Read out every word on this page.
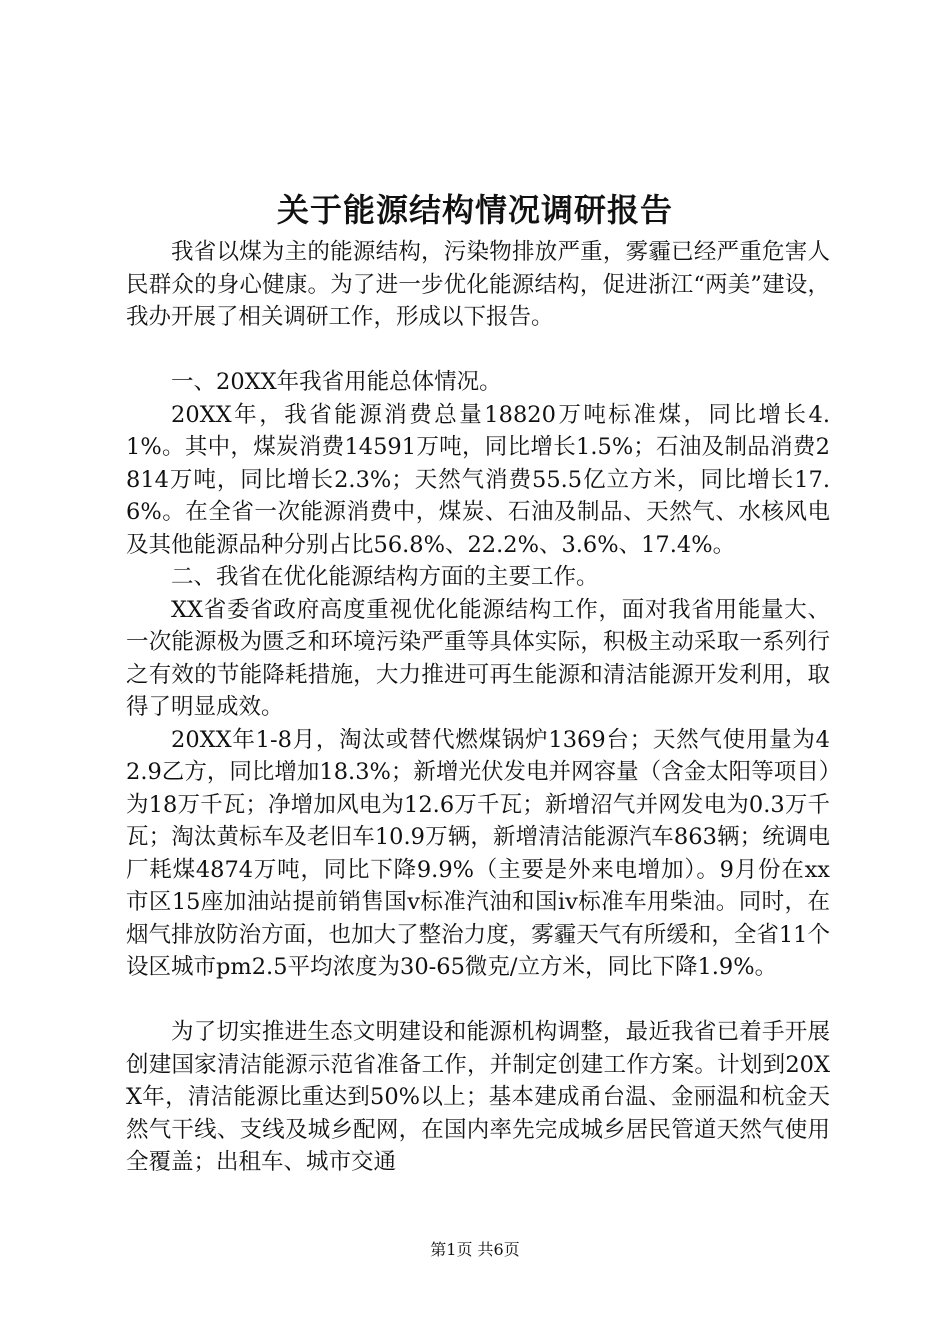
关于能源结构情况调研报告

我省以煤为主的能源结构，污染物排放严重，雾霾已经严重危害人民群众的身心健康。为了进一步优化能源结构，促进浙江“两美”建设，我办开展了相关调研工作，形成以下报告。

一、20XX年我省用能总体情况。

20XX年，我省能源消费总量18820万吨标准煤，同比增长4.1%。其中，煤炭消费14591万吨，同比增长1.5%；石油及制品消费2814万吨，同比增长2.3%；天然气消费55.5亿立方米，同比增长17.6%。在全省一次能源消费中，煤炭、石油及制品、天然气、水核风电及其他能源品种分别占比56.8%、22.2%、3.6%、17.4%。

二、我省在优化能源结构方面的主要工作。

XX省委省政府高度重视优化能源结构工作，面对我省用能量大、一次能源极为匮乏和环境污染严重等具体实际，积极主动采取一系列行之有效的节能降耗措施，大力推进可再生能源和清洁能源开发利用，取得了明显成效。

20XX年1-8月，淘汰或替代燃煤锅炉1369台；天然气使用量为42.9乙方，同比增加18.3%；新增光伏发电并网容量（含金太阳等项目）为18万千瓦；净增加风电为12.6万千瓦；新增沼气并网发电为0.3万千瓦；淘汰黄标车及老旧车10.9万辆，新增清洁能源汽车863辆；统调电厂耗煤4874万吨，同比下降9.9%（主要是外来电增加）。9月份在xx市区15座加油站提前销售国v标准汽油和国iv标准车用柴油。同时，在烟气排放防治方面，也加大了整治力度，雾霾天气有所缓和，全省11个设区城市pm2.5平均浓度为30-65微克/立方米，同比下降1.9%。

为了切实推进生态文明建设和能源机构调整，最近我省已着手开展创建国家清洁能源示范省准备工作，并制定创建工作方案。计划到20XX年，清洁能源比重达到50%以上；基本建成甬台温、金丽温和杭金天然气干线、支线及城乡配网，在国内率先完成城乡居民管道天然气使用全覆盖；出租车、城市交通

第1页 共6页
